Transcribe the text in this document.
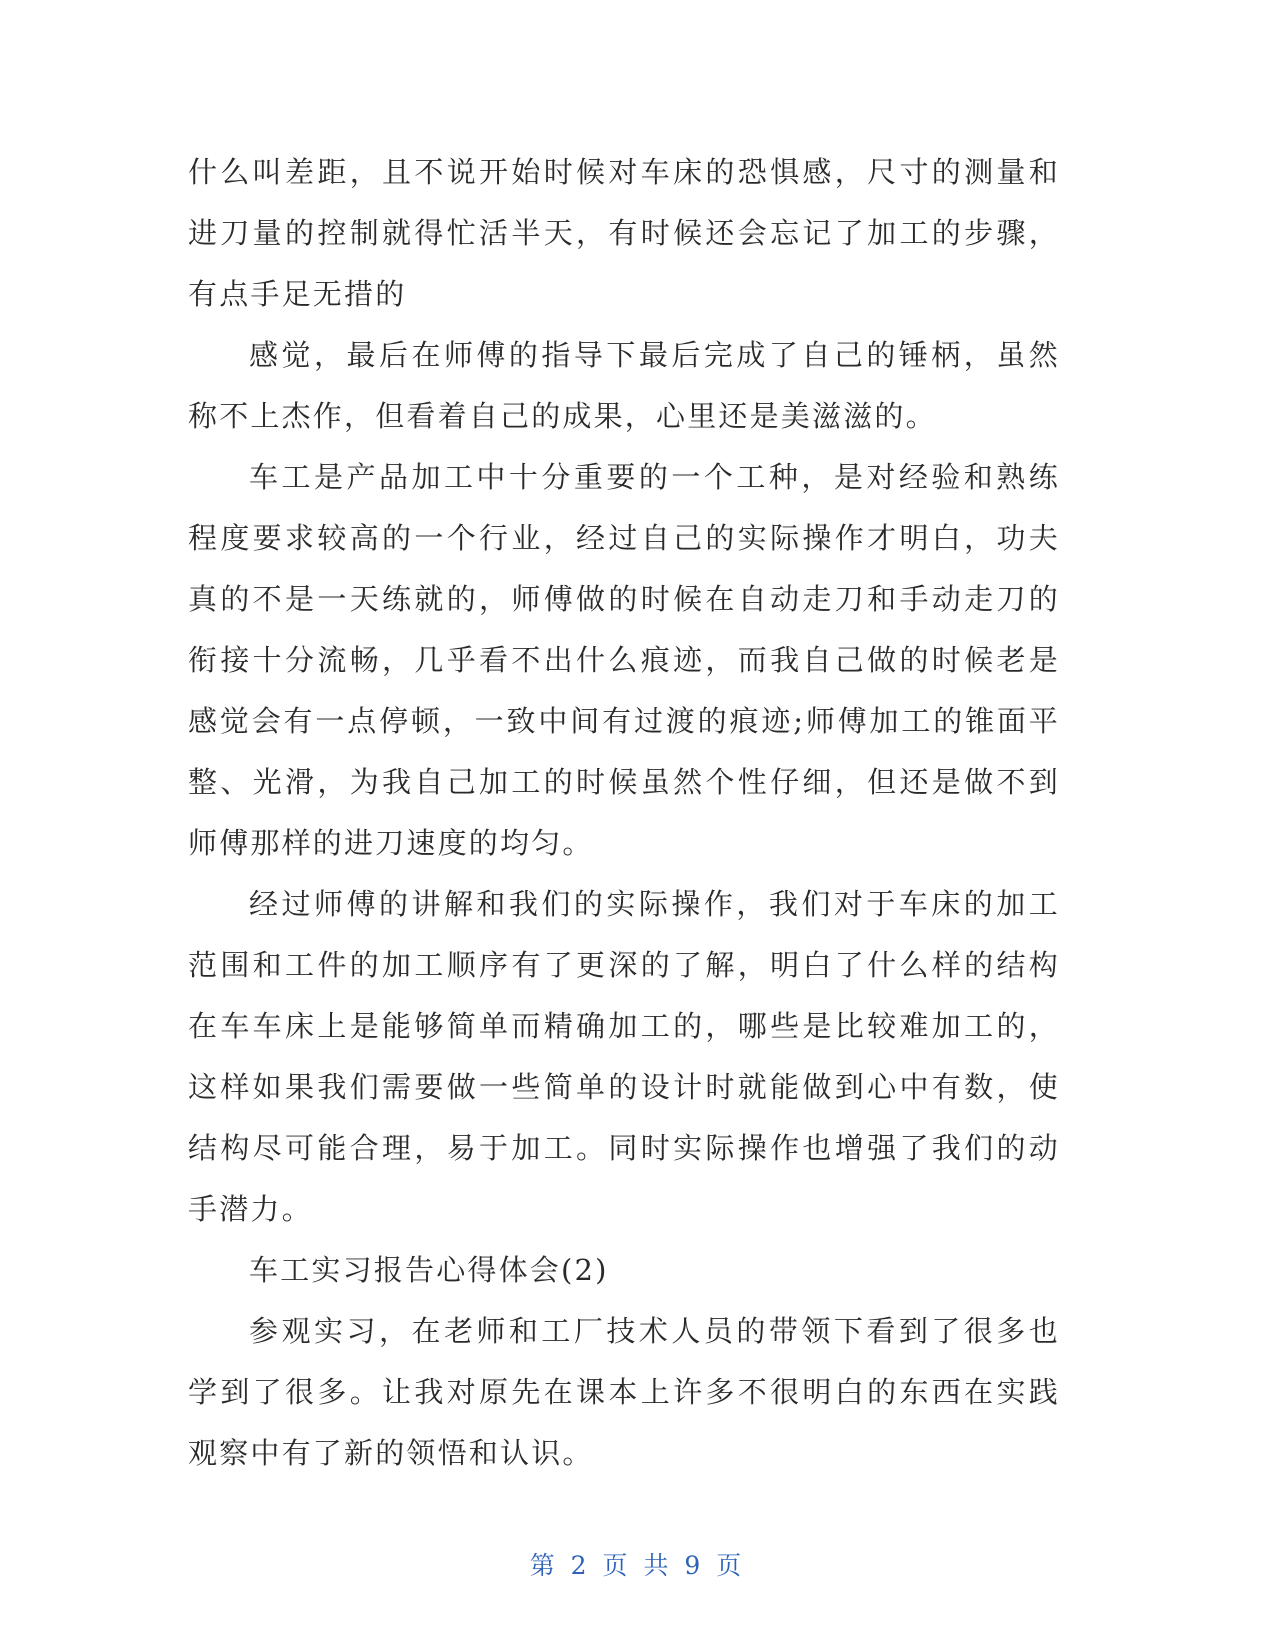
什么叫差距，且不说开始时候对车床的恐惧感，尺寸的测量和进刀量的控制就得忙活半天，有时候还会忘记了加工的步骤，有点手足无措的

感觉，最后在师傅的指导下最后完成了自己的锤柄，虽然称不上杰作，但看着自己的成果，心里还是美滋滋的。

车工是产品加工中十分重要的一个工种，是对经验和熟练程度要求较高的一个行业，经过自己的实际操作才明白，功夫真的不是一天练就的，师傅做的时候在自动走刀和手动走刀的衔接十分流畅，几乎看不出什么痕迹，而我自己做的时候老是感觉会有一点停顿，一致中间有过渡的痕迹;师傅加工的锥面平整、光滑，为我自己加工的时候虽然个性仔细，但还是做不到师傅那样的进刀速度的均匀。

经过师傅的讲解和我们的实际操作，我们对于车床的加工范围和工件的加工顺序有了更深的了解，明白了什么样的结构在车车床上是能够简单而精确加工的，哪些是比较难加工的，这样如果我们需要做一些简单的设计时就能做到心中有数，使结构尽可能合理，易于加工。同时实际操作也增强了我们的动手潜力。

车工实习报告心得体会(2)

参观实习，在老师和工厂技术人员的带领下看到了很多也学到了很多。让我对原先在课本上许多不很明白的东西在实践观察中有了新的领悟和认识。

第 2 页 共 9 页
